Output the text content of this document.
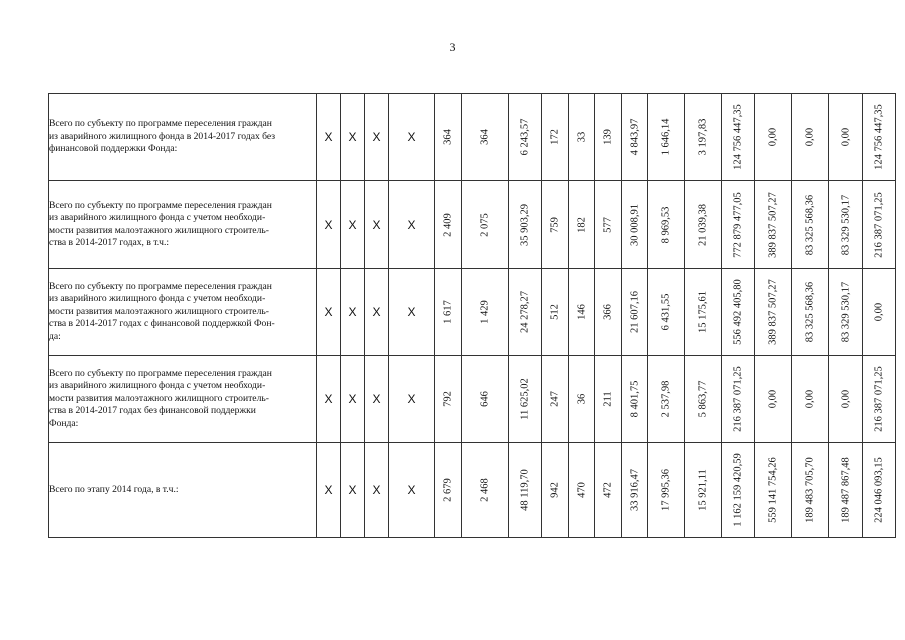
3
Всего по субъекту по программе переселения граждан
из аварийного жилищного фонда в 2014-2017 годах без
финансовой поддержки Фонда:	X	X	X	X	364	364	6 243,57	172	33	139	4 843,97	1 646,14	3 197,83	124 756 447,35	0,00	0,00	0,00	124 756 447,35

Всего по субъекту по программе переселения граждан
из аварийного жилищного фонда с учетом необходи-
мости развития малоэтажного жилищного строитель-
ства в 2014-2017 годах, в т.ч.:	X	X	X	X	2 409	2 075	35 903,29	759	182	577	30 008,91	8 969,53	21 039,38	772 879 477,05	389 837 507,27	83 325 568,36	83 329 530,17	216 387 071,25

Всего по субъекту по программе переселения граждан
из аварийного жилищного фонда с учетом необходи-
мости развития малоэтажного жилищного строитель-
ства в 2014-2017 годах с финансовой поддержкой Фон-
да:	X	X	X	X	1 617	1 429	24 278,27	512	146	366	21 607,16	6 431,55	15 175,61	556 492 405,80	389 837 507,27	83 325 568,36	83 329 530,17	0,00

Всего по субъекту по программе переселения граждан
из аварийного жилищного фонда с учетом необходи-
мости развития малоэтажного жилищного строитель-
ства в 2014-2017 годах без финансовой поддержки
Фонда:	X	X	X	X	792	646	11 625,02	247	36	211	8 401,75	2 537,98	5 863,77	216 387 071,25	0,00	0,00	0,00	216 387 071,25

Всего по этапу 2014 года, в т.ч.:	X	X	X	X	2 679	2 468	48 119,70	942	470	472	33 916,47	17 995,36	15 921,11	1 162 159 420,59	559 141 754,26	189 483 705,70	189 487 867,48	224 046 093,15
